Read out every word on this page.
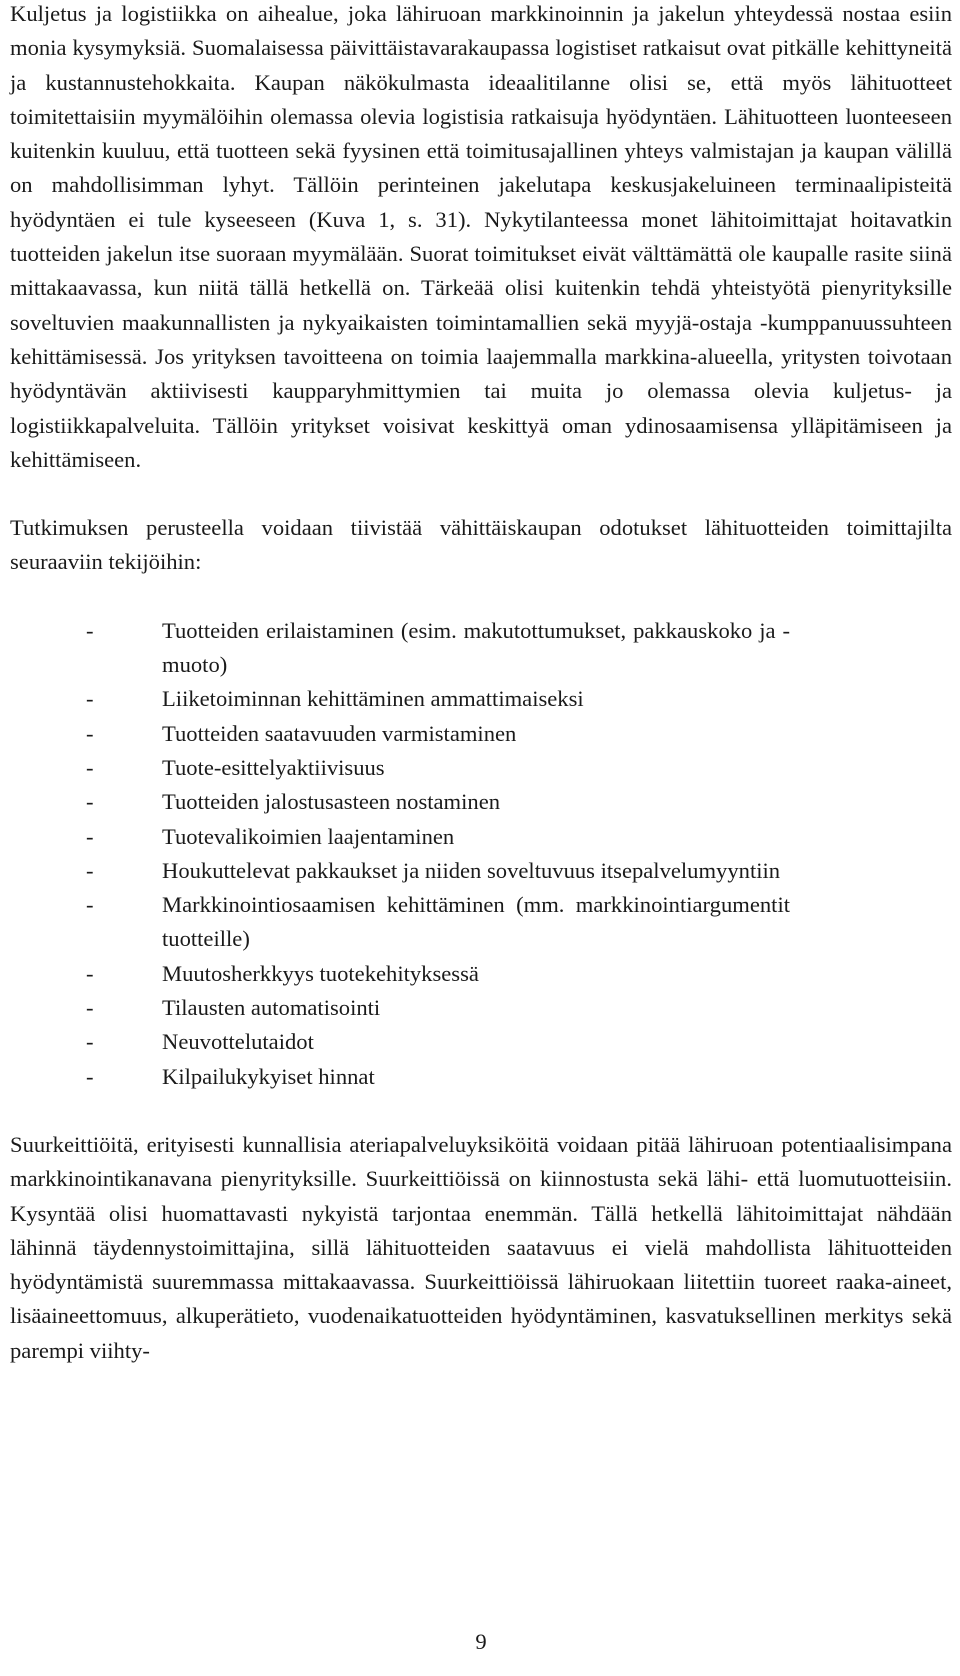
Kuljetus ja logistiikka on aihealue, joka lähiruoan markkinoinnin ja jakelun yhteydessä nostaa esiin monia kysymyksiä. Suomalaisessa päivittäistavarakaupassa logistiset ratkaisut ovat pitkälle kehittyneitä ja kustannustehokkaita. Kaupan näkökulmasta ideaalitilanne olisi se, että myös lähituotteet toimitettaisiin myymälöihin olemassa olevia logistisia ratkaisuja hyödyntäen. Lähituotteen luonteeseen kuitenkin kuuluu, että tuotteen sekä fyysinen että toimitusajallinen yhteys valmistajan ja kaupan välillä on mahdollisimman lyhyt. Tällöin perinteinen jakelutapa keskusjakeluineen terminaalipisteitä hyödyntäen ei tule kyseeseen (Kuva 1, s. 31). Nykytilanteessa monet lähitoimittajat hoitavatkin tuotteiden jakelun itse suoraan myymälään. Suorat toimitukset eivät välttämättä ole kaupalle rasite siinä mittakaavassa, kun niitä tällä hetkellä on. Tärkeää olisi kuitenkin tehdä yhteistyötä pienyrityksille soveltuvien maakunnallisten ja nykyaikaisten toimintamallien sekä myyjä-ostaja -kumppanuussuhteen kehittämisessä. Jos yrityksen tavoitteena on toimia laajemmalla markkina-alueella, yritysten toivotaan hyödyntävän aktiivisesti kaupparyhmittymien tai muita jo olemassa olevia kuljetus- ja logistiikkapalveluita. Tällöin yritykset voisivat keskittyä oman ydinosaamisensa ylläpitämiseen ja kehittämiseen.

Tutkimuksen perusteella voidaan tiivistää vähittäiskaupan odotukset lähituotteiden toimittajilta seuraaviin tekijöihin:

-	Tuotteiden erilaistaminen (esim. makutottumukset, pakkauskoko ja -muoto)
-	Liiketoiminnan kehittäminen ammattimaiseksi
-	Tuotteiden saatavuuden varmistaminen
-	Tuote-esittelyaktiivisuus
-	Tuotteiden jalostusasteen nostaminen
-	Tuotevalikoimien laajentaminen
-	Houkuttelevat pakkaukset ja niiden soveltuvuus itsepalvelumyyntiin
-	Markkinointiosaamisen kehittäminen (mm. markkinointiargumentit tuotteille)
-	Muutosherkkyys tuotekehityksessä
-	Tilausten automatisointi
-	Neuvottelutaidot
-	Kilpailukykyiset hinnat

Suurkeittiöitä, erityisesti kunnallisia ateriapalveluyksiköitä voidaan pitää lähiruoan potentiaalisimpana markkinointikanavana pienyrityksille. Suurkeittiöissä on kiinnostusta sekä lähi- että luomutuotteisiin. Kysyntää olisi huomattavasti nykyistä tarjontaa enemmän. Tällä hetkellä lähitoimittajat nähdään lähinnä täydennystoimittajina, sillä lähituotteiden saatavuus ei vielä mahdollista lähituotteiden hyödyntämistä suuremmassa mittakaavassa. Suurkeittiöissä lähiruokaan liitettiin tuoreet raaka-aineet, lisäaineettomuus, alkuperätieto, vuodenaikatuotteiden hyödyntäminen, kasvatuksellinen merkitys sekä parempi viihty-

9
